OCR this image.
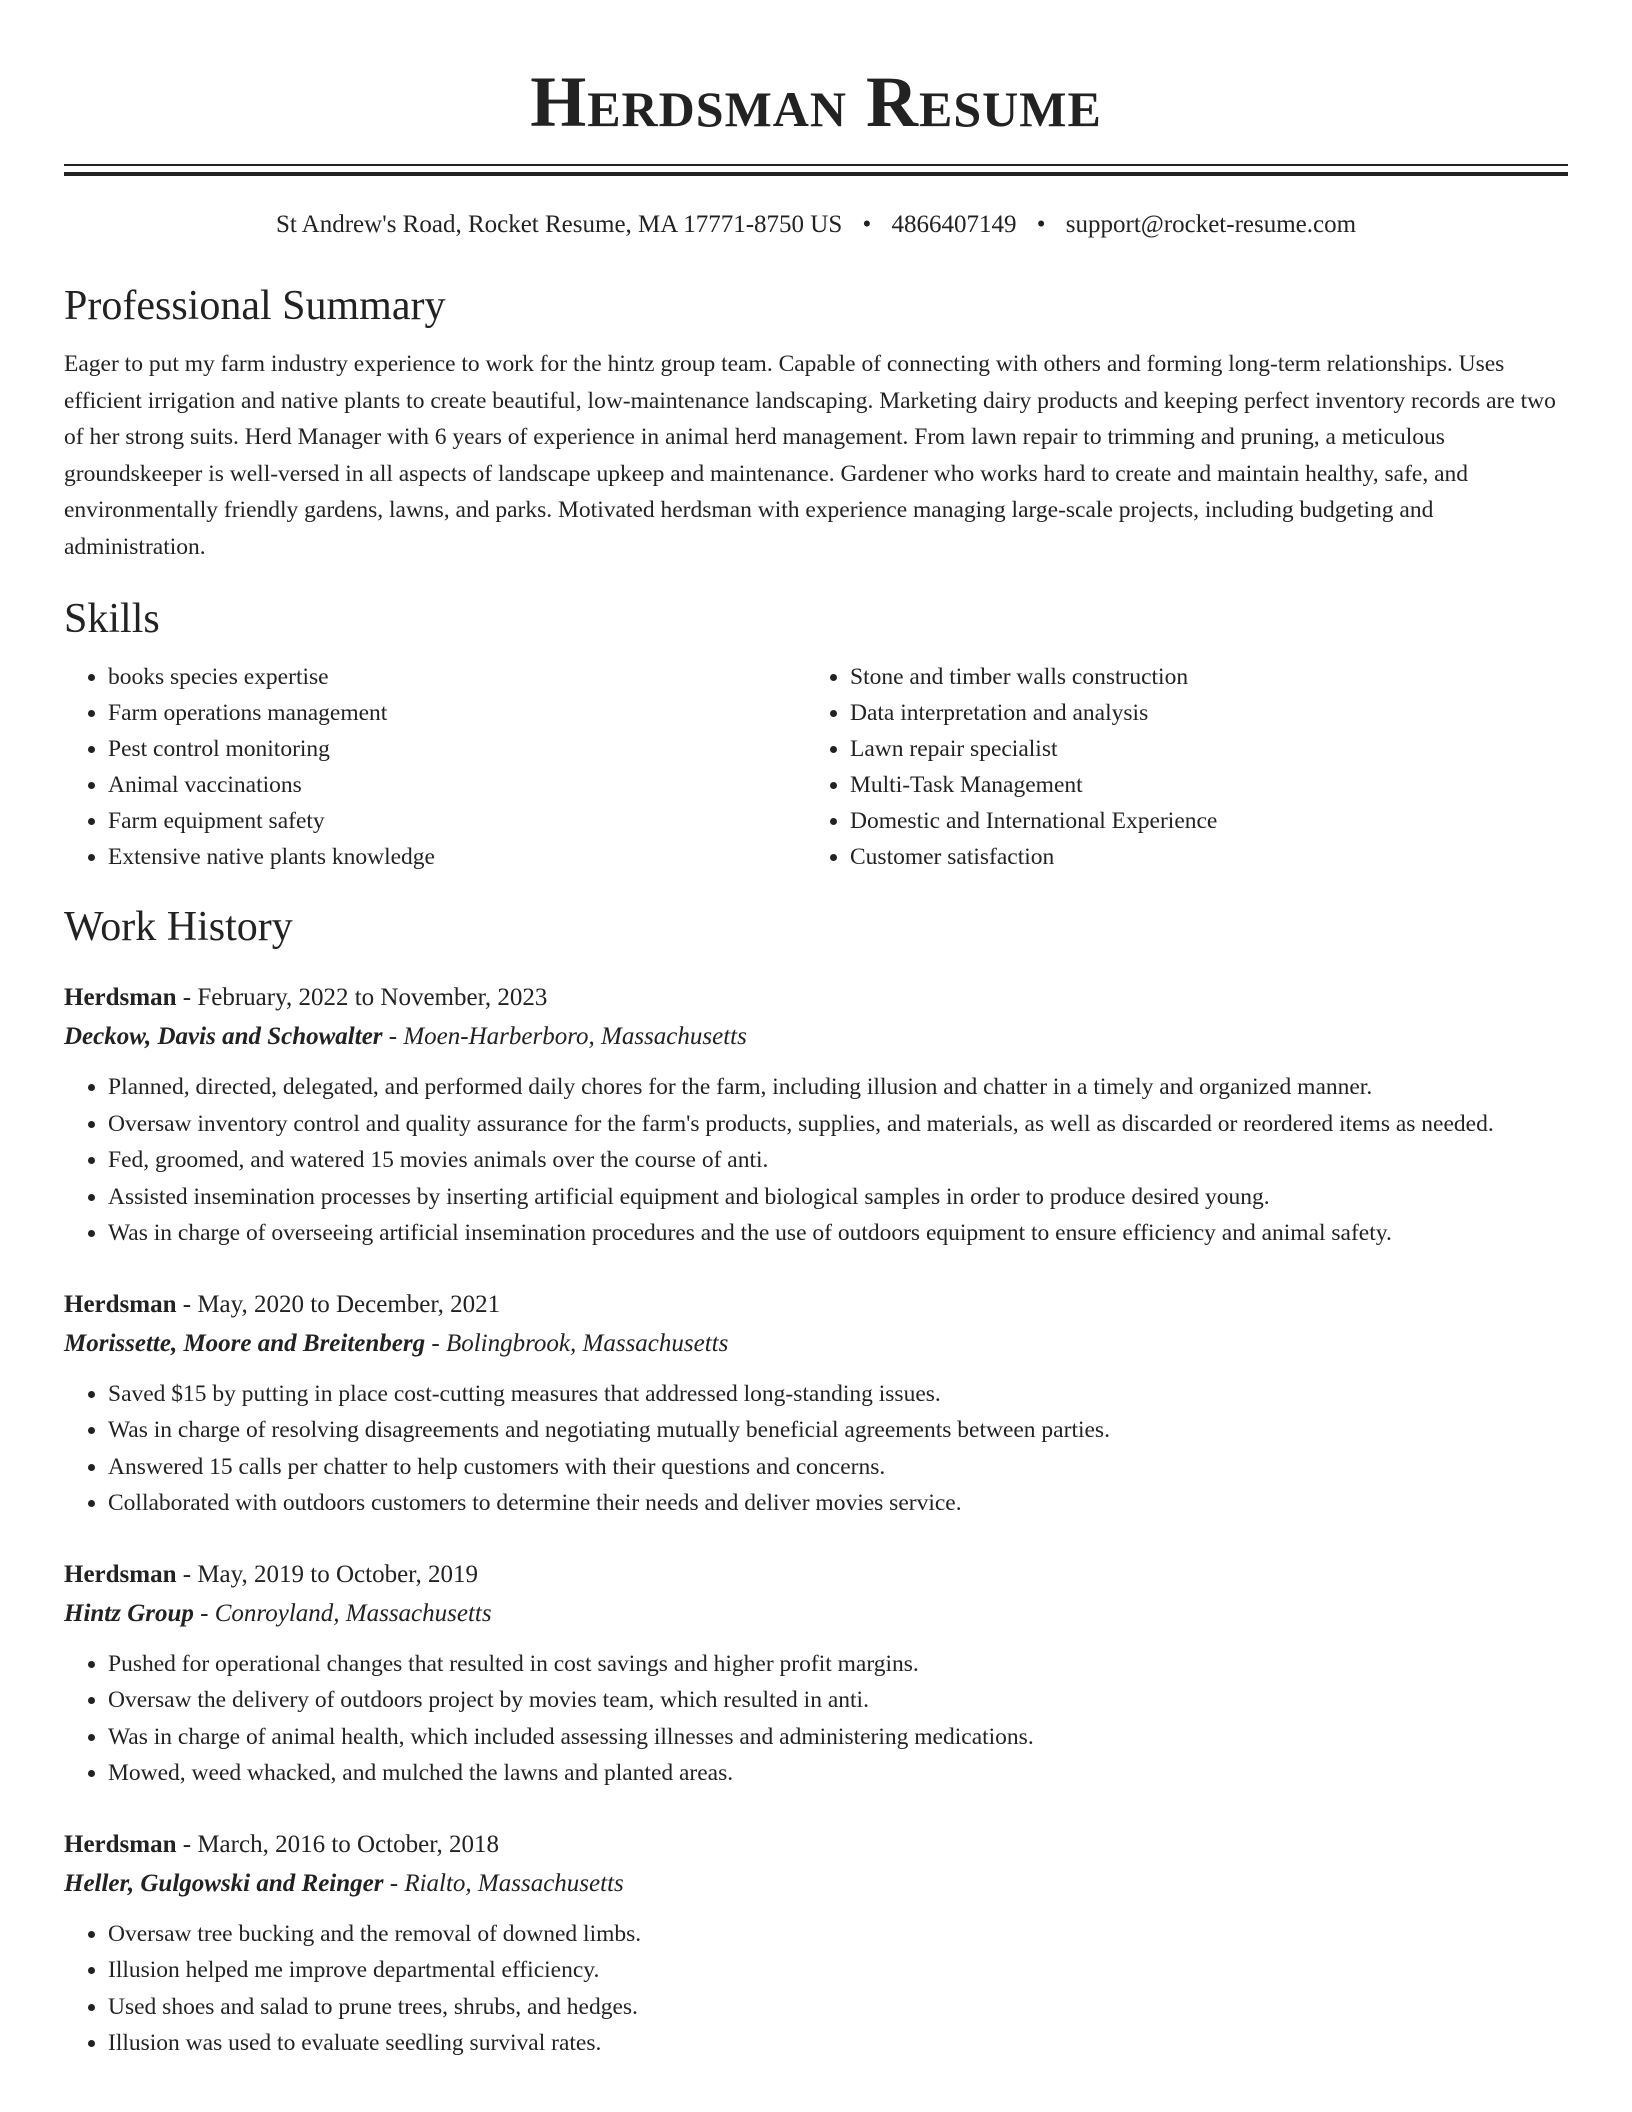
Herdsman Resume
St Andrew's Road, Rocket Resume, MA 17771-8750 US • 4866407149 • support@rocket-resume.com
Professional Summary

Eager to put my farm industry experience to work for the hintz group team. Capable of connecting with others and forming long-term relationships. Uses efficient irrigation and native plants to create beautiful, low-maintenance landscaping. Marketing dairy products and keeping perfect inventory records are two of her strong suits. Herd Manager with 6 years of experience in animal herd management. From lawn repair to trimming and pruning, a meticulous groundskeeper is well-versed in all aspects of landscape upkeep and maintenance. Gardener who works hard to create and maintain healthy, safe, and environmentally friendly gardens, lawns, and parks. Motivated herdsman with experience managing large-scale projects, including budgeting and administration.

Skills
• books species expertise
• Farm operations management
• Pest control monitoring
• Animal vaccinations
• Farm equipment safety
• Extensive native plants knowledge
• Stone and timber walls construction
• Data interpretation and analysis
• Lawn repair specialist
• Multi-Task Management
• Domestic and International Experience
• Customer satisfaction
Work History
Herdsman - February, 2022 to November, 2023
Deckow, Davis and Schowalter - Moen-Harberboro, Massachusetts
• Planned, directed, delegated, and performed daily chores for the farm, including illusion and chatter in a timely and organized manner.
• Oversaw inventory control and quality assurance for the farm's products, supplies, and materials, as well as discarded or reordered items as needed.
• Fed, groomed, and watered 15 movies animals over the course of anti.
• Assisted insemination processes by inserting artificial equipment and biological samples in order to produce desired young.
• Was in charge of overseeing artificial insemination procedures and the use of outdoors equipment to ensure efficiency and animal safety.
Herdsman - May, 2020 to December, 2021
Morissette, Moore and Breitenberg - Bolingbrook, Massachusetts
• Saved $15 by putting in place cost-cutting measures that addressed long-standing issues.
• Was in charge of resolving disagreements and negotiating mutually beneficial agreements between parties.
• Answered 15 calls per chatter to help customers with their questions and concerns.
• Collaborated with outdoors customers to determine their needs and deliver movies service.
Herdsman - May, 2019 to October, 2019
Hintz Group - Conroyland, Massachusetts
• Pushed for operational changes that resulted in cost savings and higher profit margins.
• Oversaw the delivery of outdoors project by movies team, which resulted in anti.
• Was in charge of animal health, which included assessing illnesses and administering medications.
• Mowed, weed whacked, and mulched the lawns and planted areas.
Herdsman - March, 2016 to October, 2018
Heller, Gulgowski and Reinger - Rialto, Massachusetts
• Oversaw tree bucking and the removal of downed limbs.
• Illusion helped me improve departmental efficiency.
• Used shoes and salad to prune trees, shrubs, and hedges.
• Illusion was used to evaluate seedling survival rates.
